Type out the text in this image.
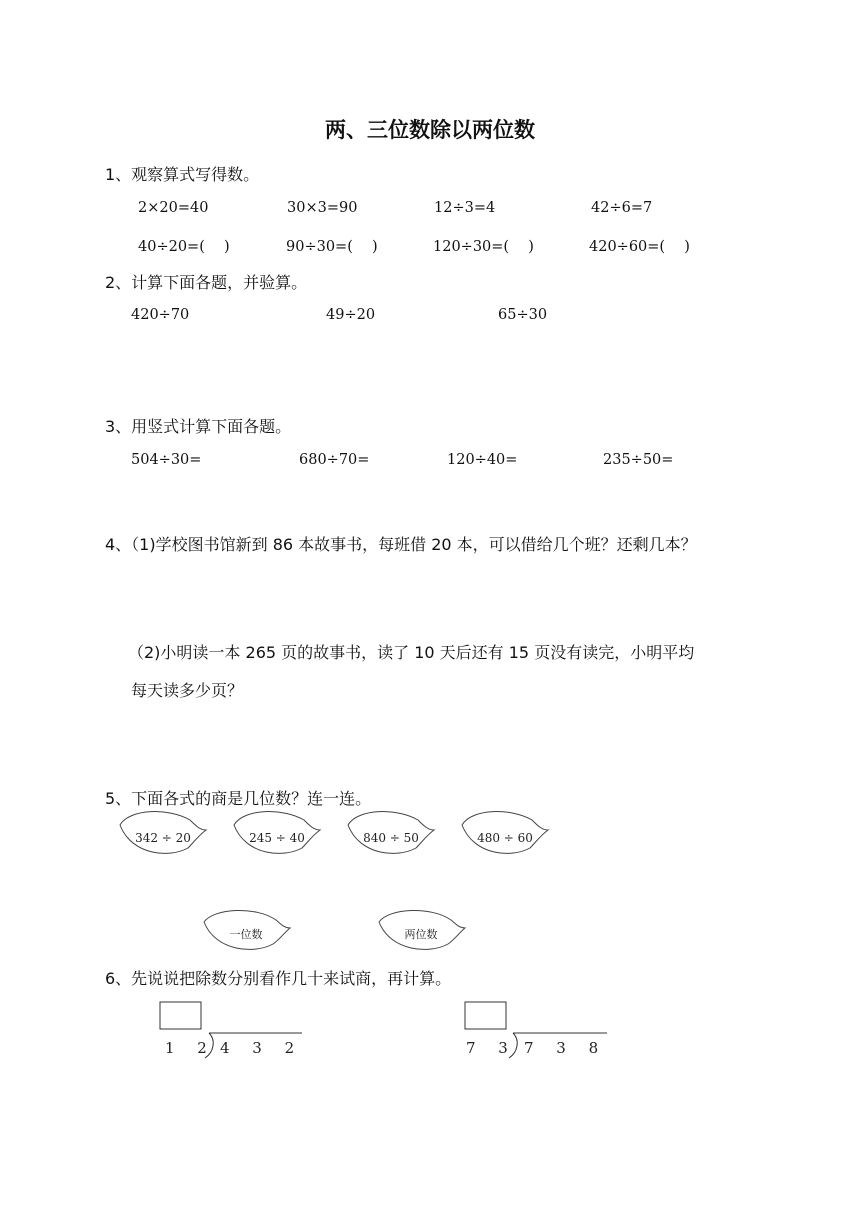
两、三位数除以两位数
1、观察算式写得数。
2×20=40	30×3=90	12÷3=4	42÷6=7
40÷20=(　 )	90÷30=(　 )	120÷30=(　 )	420÷60=(　 )
2、计算下面各题，并验算。
420÷70	49÷20	65÷30
3、用竖式计算下面各题。
504÷30=	680÷70=	120÷40=	235÷50=
4、（1)学校图书馆新到 86 本故事书，每班借 20 本，可以借给几个班？还剩几本？
（2)小明读一本 265 页的故事书，读了 10 天后还有 15 页没有读完，小明平均
每天读多少页？
5、下面各式的商是几位数？连一连。
342 ÷ 20	245 ÷ 40	840 ÷ 50	480 ÷ 60
一位数	两位数
1 2 4 3 2	7 3 7 3 8
6、先说说把除数分别看作几十来试商，再计算。
